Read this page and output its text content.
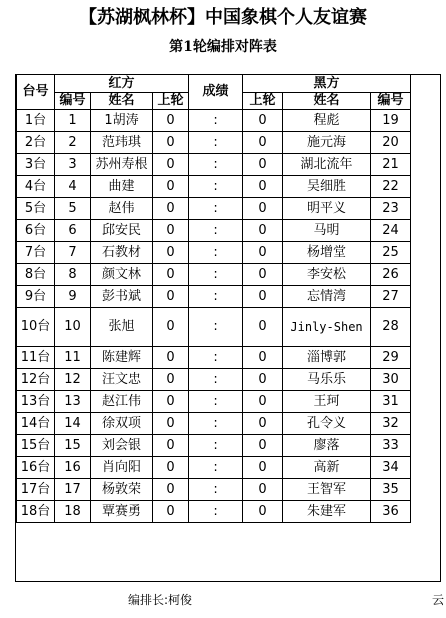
【苏湖枫林杯】中国象棋个人友谊赛
第1轮编排对阵表
台号	红方			成绩	黑方		
	编号	姓名	上轮		上轮	姓名	编号
1台	1	1胡涛	0	:	0	程彪	19
2台	2	范玮琪	0	:	0	施元海	20
3台	3	苏州寿根	0	:	0	湖北流年	21
4台	4	曲建	0	:	0	吴细胜	22
5台	5	赵伟	0	:	0	明平义	23
6台	6	邱安民	0	:	0	马明	24
7台	7	石教材	0	:	0	杨增堂	25
8台	8	颜文林	0	:	0	李安松	26
9台	9	彭书斌	0	:	0	忘情湾	27
10台	10	张旭	0	:	0	Jinly-Shen	28
11台	11	陈建辉	0	:	0	淄博郭	29
12台	12	汪文忠	0	:	0	马乐乐	30
13台	13	赵江伟	0	:	0	王珂	31
14台	14	徐双项	0	:	0	孔令义	32
15台	15	刘会银	0	:	0	廖落	33
16台	16	肖向阳	0	:	0	高新	34
17台	17	杨敦荣	0	:	0	王智军	35
18台	18	覃赛勇	0	:	0	朱建军	36
编排长:柯俊	云
